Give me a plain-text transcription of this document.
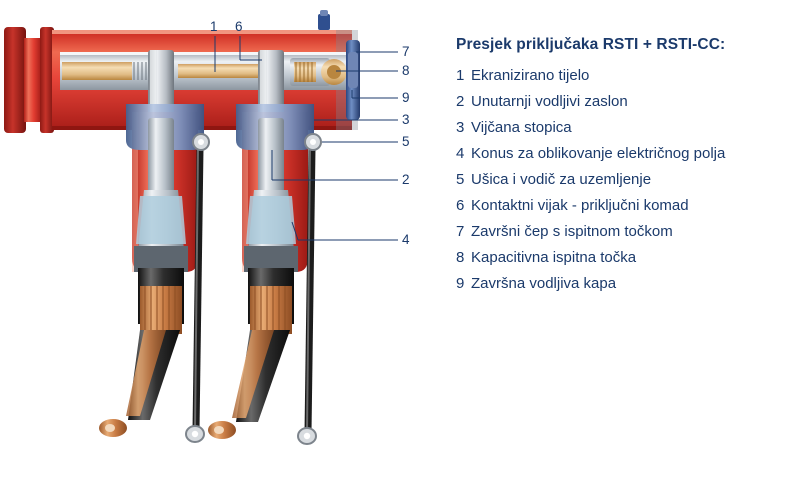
1 6
7
8
9
3
5
2
4
Presjek priključaka RSTI + RSTI-CC:
1 Ekranizirano tijelo
2 Unutarnji vodljivi zaslon
3 Vijčana stopica
4 Konus za oblikovanje električnog polja
5 Ušica i vodič za uzemljenje
6 Kontaktni vijak - priključni komad
7 Završni čep s ispitnom točkom
8 Kapacitivna ispitna točka
9 Završna vodljiva kapa
